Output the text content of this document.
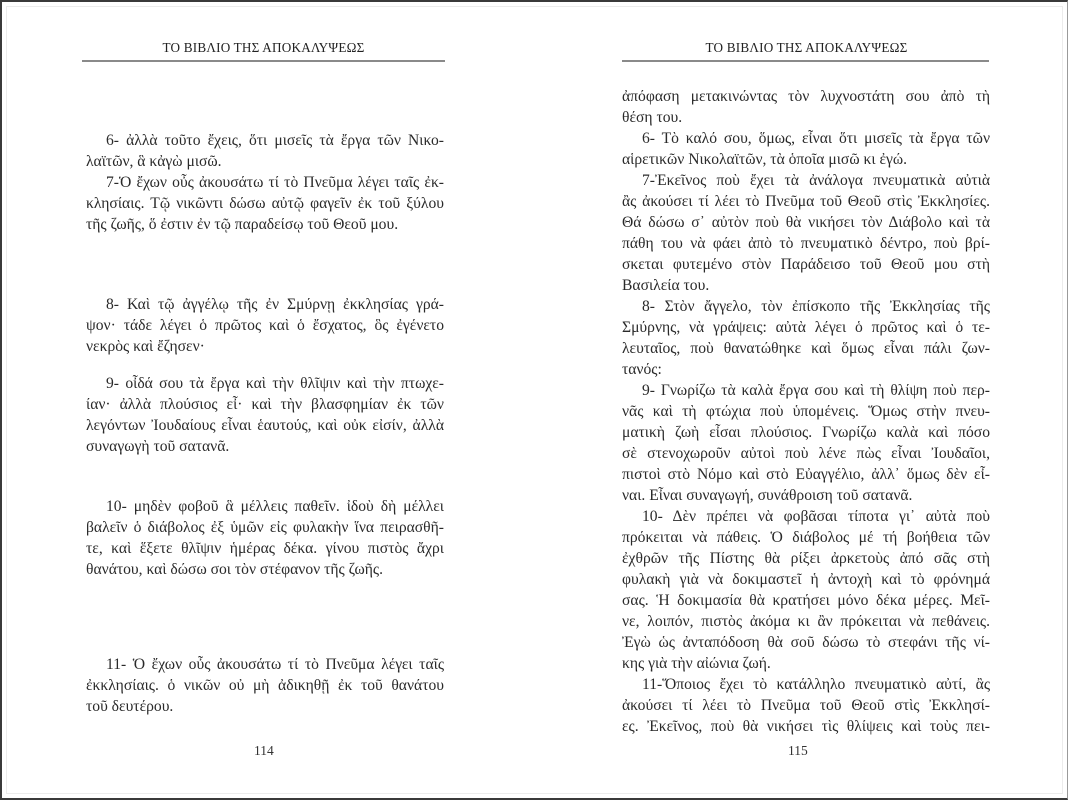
ΤΟ ΒΙΒΛΙΟ ΤΗΣ ΑΠΟΚΑΛΥΨΕΩΣ
6- ἀλλὰ τοῦτο ἔχεις, ὅτι μισεῖς τὰ ἔργα τῶν Νικο-
λαϊτῶν, ἃ κἀγὼ μισῶ.
7-Ὁ ἔχων οὖς ἀκουσάτω τί τὸ Πνεῦμα λέγει ταῖς ἐκ-
κλησίαις. Τῷ νικῶντι δώσω αὐτῷ φαγεῖν ἐκ τοῦ ξύλου
τῆς ζωῆς, ὅ ἐστιν ἐν τῷ παραδείσῳ τοῦ Θεοῦ μου.
8- Καὶ τῷ ἀγγέλῳ τῆς ἐν Σμύρνῃ ἐκκλησίας γρά-
ψον· τάδε λέγει ὁ πρῶτος καὶ ὁ ἔσχατος, ὃς ἐγένετο
νεκρὸς καὶ ἔζησεν·
9- οἶδά σου τὰ ἔργα καὶ τὴν θλῖψιν καὶ τὴν πτωχε-
ίαν· ἀλλὰ πλούσιος εἶ· καὶ τὴν βλασφημίαν ἐκ τῶν
λεγόντων Ἰουδαίους εἶναι ἑαυτούς, καὶ οὐκ εἰσίν, ἀλλὰ
συναγωγὴ τοῦ σατανᾶ.
10- μηδὲν φοβοῦ ἃ μέλλεις παθεῖν. ἰδοὺ δὴ μέλλει
βαλεῖν ὁ διάβολος ἐξ ὑμῶν εἰς φυλακὴν ἵνα πειρασθῆ-
τε, καὶ ἕξετε θλῖψιν ἡμέρας δέκα. γίνου πιστὸς ἄχρι
θανάτου, καὶ δώσω σοι τὸν στέφανον τῆς ζωῆς.
11- Ὁ ἔχων οὖς ἀκουσάτω τί τὸ Πνεῦμα λέγει ταῖς
ἐκκλησίαις. ὁ νικῶν οὐ μὴ ἀδικηθῇ ἐκ τοῦ θανάτου
τοῦ δευτέρου.
114
ΤΟ ΒΙΒΛΙΟ ΤΗΣ ΑΠΟΚΑΛΥΨΕΩΣ
ἀπόφαση μετακινώντας τὸν λυχνοστάτη σου ἀπὸ τὴ
θέση του.
6- Τὸ καλό σου, ὅμως, εἶναι ὅτι μισεῖς τὰ ἔργα τῶν
αἱρετικῶν Νικολαϊτῶν, τὰ ὁποῖα μισῶ κι ἐγώ.
7-Ἐκεῖνος ποὺ ἔχει τὰ ἀνάλογα πνευματικὰ αὐτιὰ
ἂς ἀκούσει τί λέει τὸ Πνεῦμα τοῦ Θεοῦ στὶς Ἐκκλησίες.
Θά δώσω σ᾽ αὐτὸν ποὺ θὰ νικήσει τὸν Διάβολο καὶ τὰ
πάθη του νὰ φάει ἀπὸ τὸ πνευματικὸ δέντρο, ποὺ βρί-
σκεται φυτεμένο στὸν Παράδεισο τοῦ Θεοῦ μου στὴ
Βασιλεία του.
8- Στὸν ἄγγελο, τὸν ἐπίσκοπο τῆς Ἐκκλησίας τῆς
Σμύρνης, νὰ γράψεις: αὐτὰ λέγει ὁ πρῶτος καὶ ὁ τε-
λευταῖος, ποὺ θανατώθηκε καὶ ὅμως εἶναι πάλι ζων-
τανός:
9- Γνωρίζω τὰ καλὰ ἔργα σου καὶ τὴ θλίψη ποὺ περ-
νᾶς καὶ τὴ φτώχια ποὺ ὑπομένεις. Ὅμως στὴν πνευ-
ματικὴ ζωὴ εἶσαι πλούσιος. Γνωρίζω καλὰ καὶ πόσο
σὲ στενοχωροῦν αὐτοὶ ποὺ λένε πὼς εἶναι Ἰουδαῖοι,
πιστοὶ στὸ Νόμο καὶ στὸ Εὐαγγέλιο, ἀλλ᾽ ὅμως δὲν εἶ-
ναι. Εἶναι συναγωγή, συνάθροιση τοῦ σατανᾶ.
10- Δὲν πρέπει νὰ φοβᾶσαι τίποτα γι᾽ αὐτὰ ποὺ
πρόκειται νὰ πάθεις. Ὁ διάβολος μέ τή βοήθεια τῶν
ἐχθρῶν τῆς Πίστης θὰ ρίξει ἀρκετοὺς ἀπό σᾶς στὴ
φυλακὴ γιὰ νὰ δοκιμαστεῖ ἡ ἀντοχὴ καὶ τὸ φρόνημά
σας. Ἡ δοκιμασία θὰ κρατήσει μόνο δέκα μέρες. Μεῖ-
νε, λοιπόν, πιστὸς ἀκόμα κι ἂν πρόκειται νὰ πεθάνεις.
Ἐγὼ ὡς ἀνταπόδοση θὰ σοῦ δώσω τὸ στεφάνι τῆς νί-
κης γιὰ τὴν αἰώνια ζωή.
11-Ὅποιος ἔχει τὸ κατάλληλο πνευματικὸ αὐτί, ἂς
ἀκούσει τί λέει τὸ Πνεῦμα τοῦ Θεοῦ στὶς Ἐκκλησί-
ες. Ἐκεῖνος, ποὺ θὰ νικήσει τὶς θλίψεις καὶ τοὺς πει-
115
